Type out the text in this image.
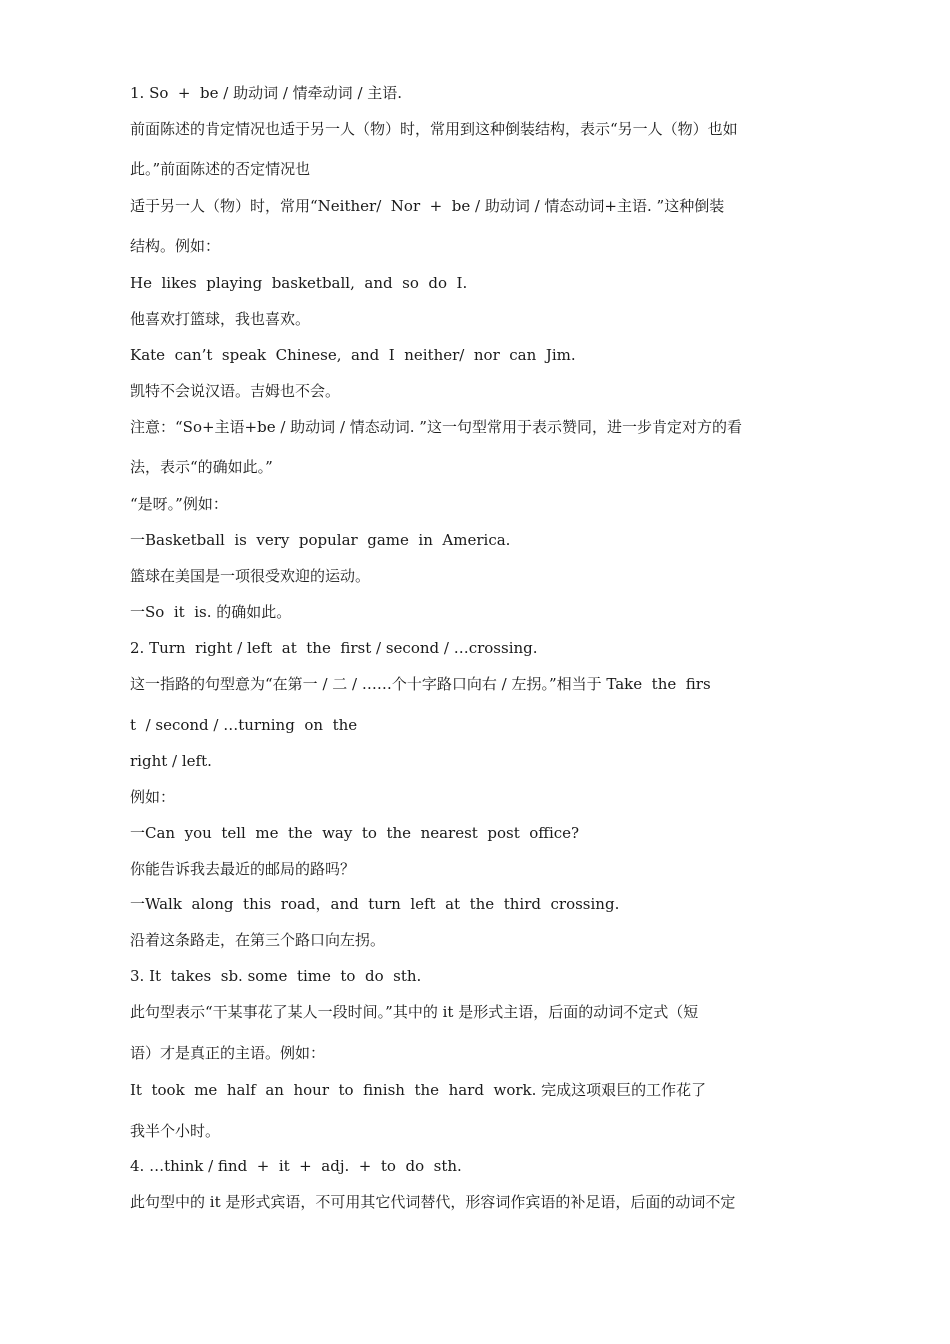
1. So  +  be / 助动词 / 情牵动词 / 主语.

前面陈述的肯定情况也适于另一人（物）时，常用到这种倒装结构，表示“另一人（物）也如

此。”前面陈述的否定情况也

适于另一人（物）时，常用“Neither/  Nor  +  be / 助动词 / 情态动词+主语. ”这种倒装

结构。例如：

He  likes  playing  basketball,  and  so  do  I.

他喜欢打篮球，我也喜欢。

Kate  can’t  speak  Chinese,  and  I  neither/  nor  can  Jim.

凯特不会说汉语。吉姆也不会。

注意：“So+主语+be / 助动词 / 情态动词. ”这一句型常用于表示赞同，进一步肯定对方的看

法，表示“的确如此。”

“是呀。”例如：

一Basketball  is  very  popular  game  in  America.

篮球在美国是一项很受欢迎的运动。

一So  it  is. 的确如此。

2. Turn  right / left  at  the  first / second / …crossing.

这一指路的句型意为“在第一 / 二 / ……个十字路口向右 / 左拐。”相当于 Take  the  firs

t  / second / …turning  on  the

right / left.

例如：

一Can  you  tell  me  the  way  to  the  nearest  post  office?

你能告诉我去最近的邮局的路吗？

一Walk  along  this  road，and  turn  left  at  the  third  crossing.

沿着这条路走，在第三个路口向左拐。

3. It  takes  sb. some  time  to  do  sth.

此句型表示“干某事花了某人一段时间。”其中的 it 是形式主语，后面的动词不定式（短

语）才是真正的主语。例如：

It  took  me  half  an  hour  to  finish  the  hard  work. 完成这项艰巨的工作花了

我半个小时。

4. …think / find  +  it  +  adj.  +  to  do  sth.

此句型中的 it 是形式宾语，不可用其它代词替代，形容词作宾语的补足语，后面的动词不定
